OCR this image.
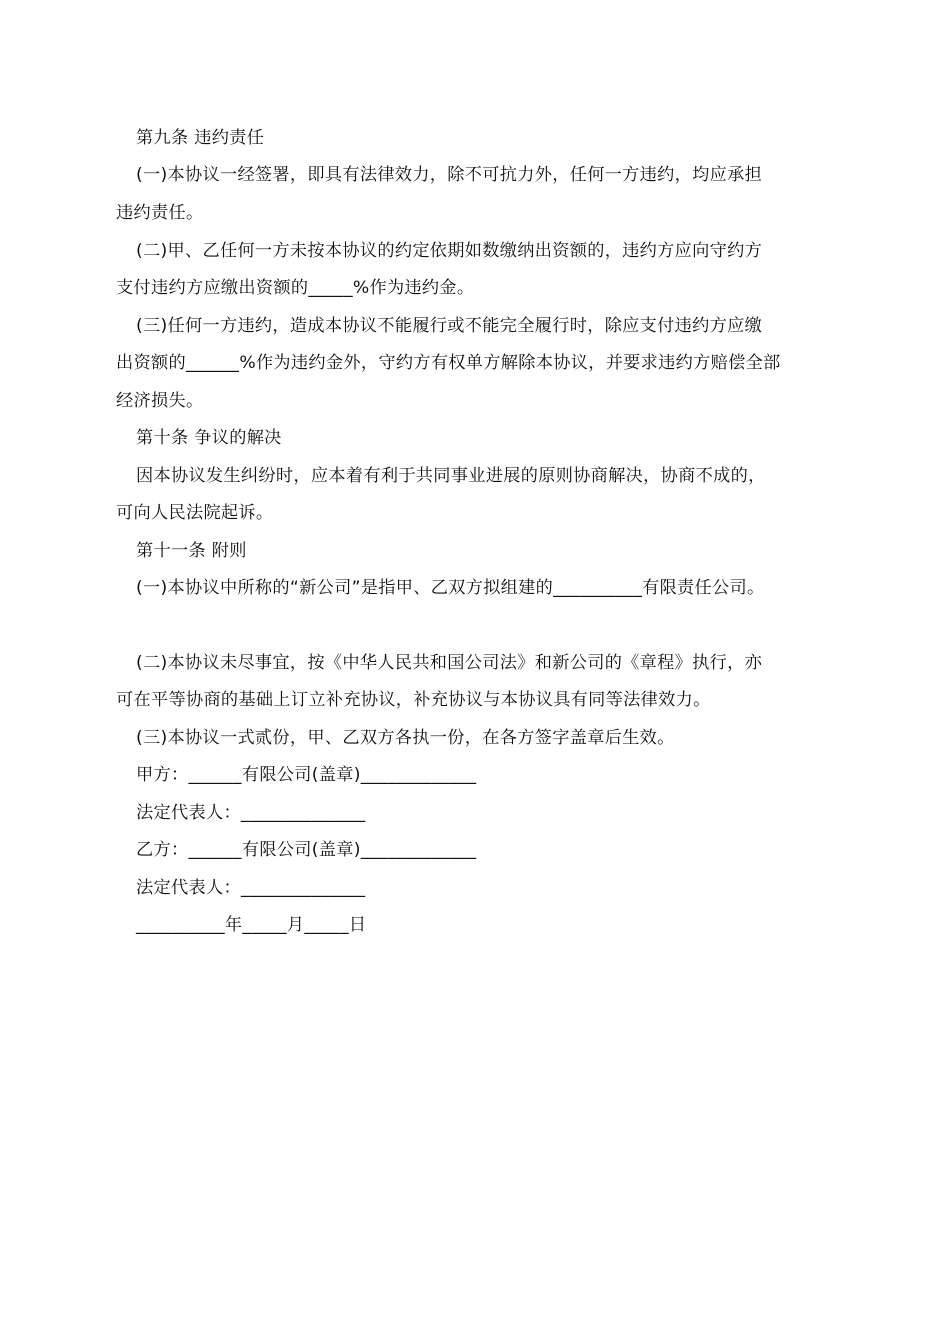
第九条 违约责任
(一)本协议一经签署，即具有法律效力，除不可抗力外，任何一方违约，均应承担
违约责任。
(二)甲、乙任何一方未按本协议的约定依期如数缴纳出资额的，违约方应向守约方
支付违约方应缴出资额的_____%作为违约金。
(三)任何一方违约，造成本协议不能履行或不能完全履行时，除应支付违约方应缴
出资额的______%作为违约金外，守约方有权单方解除本协议，并要求违约方赔偿全部
经济损失。
第十条 争议的解决
因本协议发生纠纷时，应本着有利于共同事业进展的原则协商解决，协商不成的，
可向人民法院起诉。
第十一条 附则
(一)本协议中所称的“新公司”是指甲、乙双方拟组建的__________有限责任公司。
(二)本协议未尽事宜，按《中华人民共和国公司法》和新公司的《章程》执行，亦
可在平等协商的基础上订立补充协议，补充协议与本协议具有同等法律效力。
(三)本协议一式贰份，甲、乙双方各执一份，在各方签字盖章后生效。
甲方：______有限公司(盖章)_____________
法定代表人：______________
乙方：______有限公司(盖章)_____________
法定代表人：______________
__________年_____月_____日
